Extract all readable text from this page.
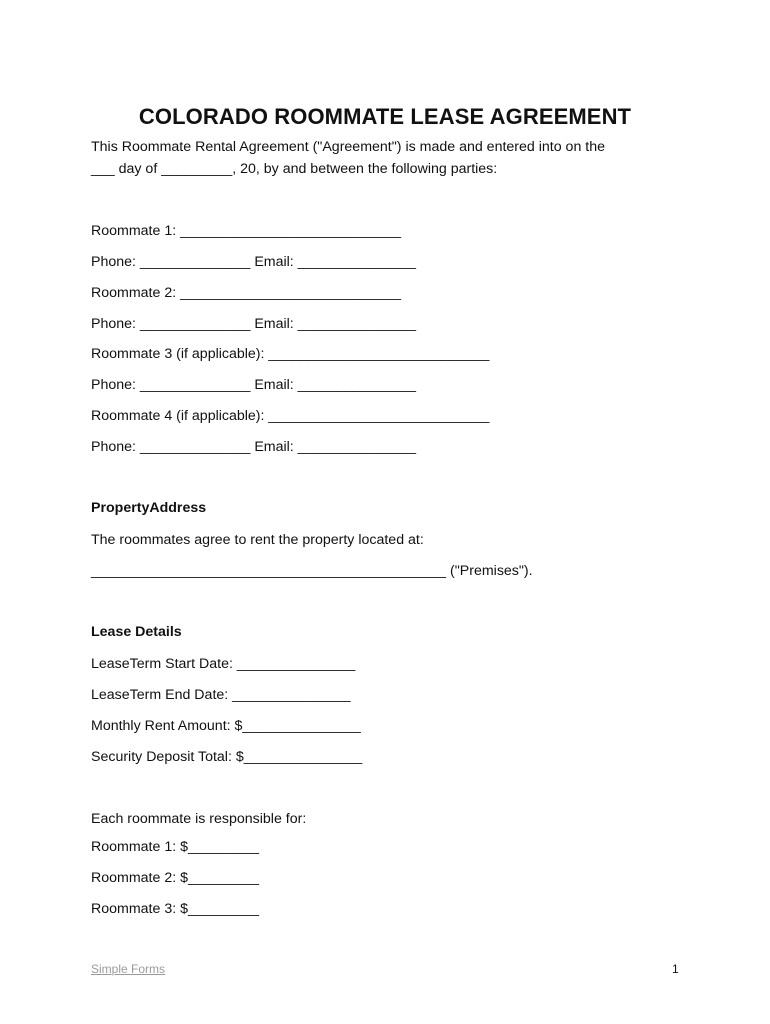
COLORADO ROOMMATE LEASE AGREEMENT
This Roommate Rental Agreement ("Agreement") is made and entered into on the
___ day of _________, 20, by and between the following parties:
Roommate 1: ____________________________
Phone: ______________ Email: _______________
Roommate 2: ____________________________
Phone: ______________ Email: _______________
Roommate 3 (if applicable): ____________________________
Phone: ______________ Email: _______________
Roommate 4 (if applicable): ____________________________
Phone: ______________ Email: _______________
PropertyAddress
The roommates agree to rent the property located at:
_____________________________________________ ("Premises").
Lease Details
LeaseTerm Start Date: _______________
LeaseTerm End Date: _______________
Monthly Rent Amount: $_______________
Security Deposit Total: $_______________
Each roommate is responsible for:
Roommate 1: $_________
Roommate 2: $_________
Roommate 3: $_________
Simple Forms	1
